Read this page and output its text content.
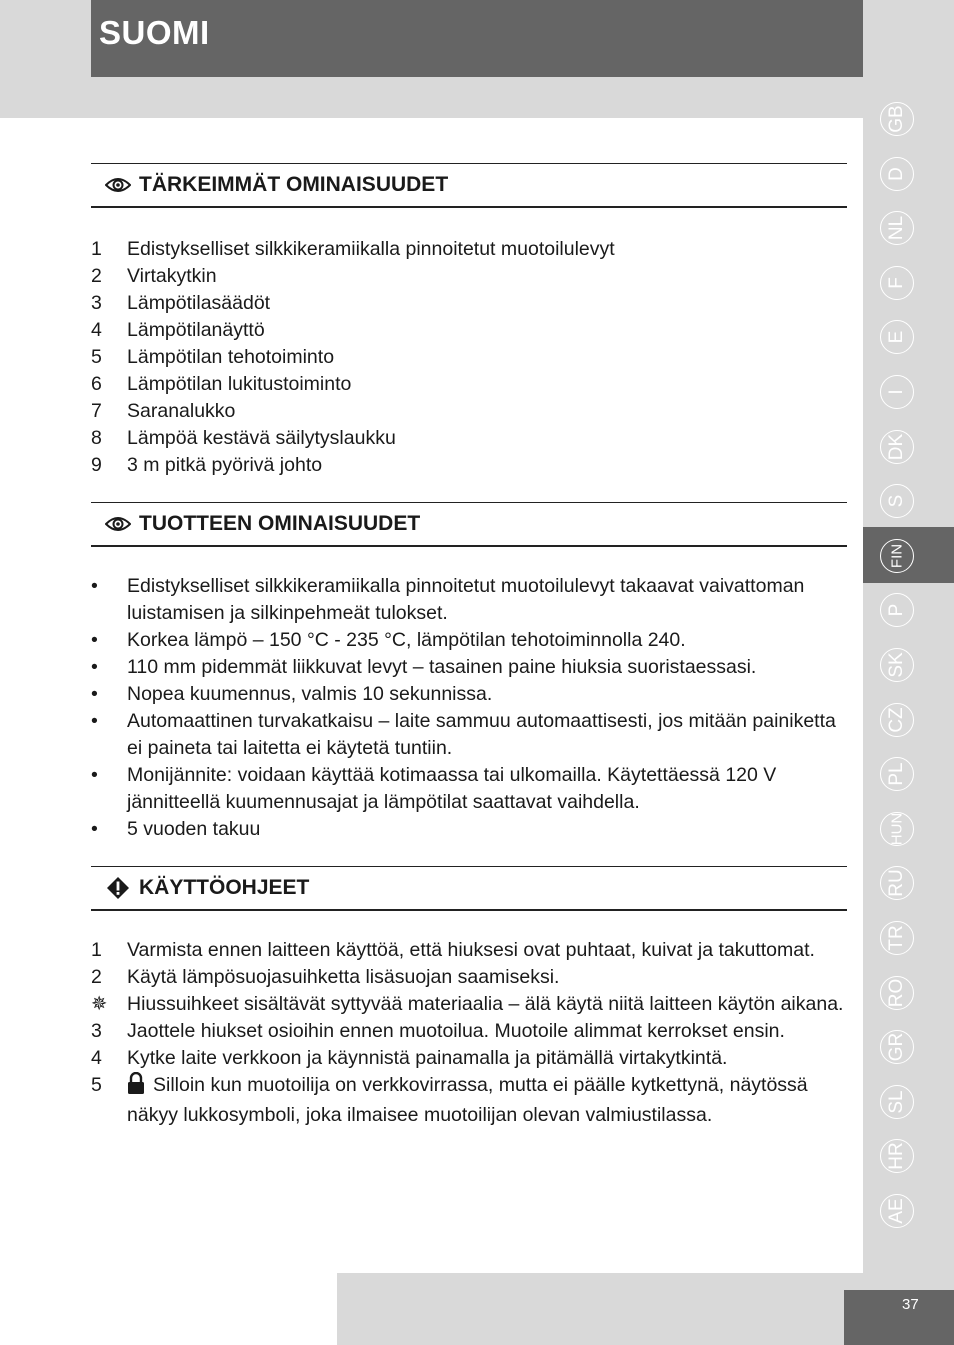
SUOMI
TÄRKEIMMÄT OMINAISUUDET
1	Edistykselliset silkkikeramiikalla pinnoitetut muotoilulevyt
2	Virtakytkin
3	Lämpötilasäädöt
4	Lämpötilanäyttö
5	Lämpötilan tehotoiminto
6	Lämpötilan lukitustoiminto
7	Saranalukko
8	Lämpöä kestävä säilytyslaukku
9	3 m pitkä pyörivä johto
TUOTTEEN OMINAISUUDET
•	Edistykselliset silkkikeramiikalla pinnoitetut muotoilulevyt takaavat vaivattoman luistamisen ja silkinpehmeät tulokset.
•	Korkea lämpö – 150 °C - 235 °C, lämpötilan tehotoiminnolla 240.
•	110 mm pidemmät liikkuvat levyt – tasainen paine hiuksia suoristaessasi.
•	Nopea kuumennus, valmis 10 sekunnissa.
•	Automaattinen turvakatkaisu – laite sammuu automaattisesti, jos mitään painiketta ei paineta tai laitetta ei käytetä tuntiin.
•	Monijännite: voidaan käyttää kotimaassa tai ulkomailla. Käytettäessä 120 V jännitteellä kuumennusajat ja lämpötilat saattavat vaihdella.
•	5 vuoden takuu
KÄYTTÖOHJEET
1	Varmista ennen laitteen käyttöä, että hiuksesi ovat puhtaat, kuivat ja takuttomat.
2	Käytä lämpösuojasuihketta lisäsuojan saamiseksi.
✵	Hiussuihkeet sisältävät syttyvää materiaalia – älä käytä niitä laitteen käytön aikana.
3	Jaottele hiukset osioihin ennen muotoilua. Muotoile alimmat kerrokset ensin.
4	Kytke laite verkkoon ja käynnistä painamalla ja pitämällä virtakytkintä.
5	Silloin kun muotoilija on verkkovirrassa, mutta ei päälle kytkettynä, näytössä näkyy lukkosymboli, joka ilmaisee muotoilijan olevan valmiustilassa.
GB
D
NL
F
E
I
DK
S
FIN
P
SK
CZ
PL
HUN
RU
TR
RO
GR
SL
HR
AE
37
